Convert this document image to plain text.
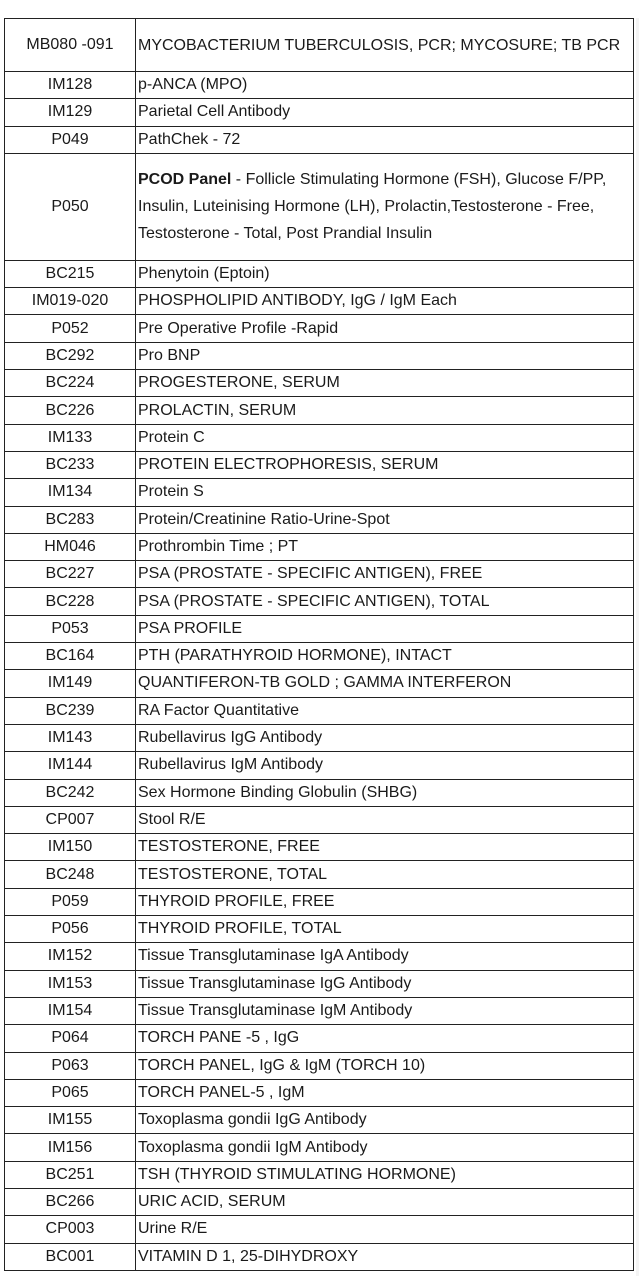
MB080 -091	MYCOBACTERIUM TUBERCULOSIS, PCR; MYCOSURE; TB PCR
IM128	p-ANCA (MPO)
IM129	Parietal Cell Antibody
P049	PathChek - 72
P050	PCOD Panel - Follicle Stimulating Hormone (FSH), Glucose F/PP, Insulin, Luteinising Hormone (LH), Prolactin,Testosterone - Free, Testosterone - Total, Post Prandial Insulin
BC215	Phenytoin (Eptoin)
IM019-020	PHOSPHOLIPID ANTIBODY, IgG / IgM Each
P052	Pre Operative Profile -Rapid
BC292	Pro BNP
BC224	PROGESTERONE, SERUM
BC226	PROLACTIN, SERUM
IM133	Protein C
BC233	PROTEIN ELECTROPHORESIS, SERUM
IM134	Protein S
BC283	Protein/Creatinine Ratio-Urine-Spot
HM046	Prothrombin Time ; PT
BC227	PSA (PROSTATE - SPECIFIC ANTIGEN), FREE
BC228	PSA (PROSTATE - SPECIFIC ANTIGEN), TOTAL
P053	PSA PROFILE
BC164	PTH (PARATHYROID HORMONE), INTACT
IM149	QUANTIFERON-TB GOLD ; GAMMA INTERFERON
BC239	RA Factor Quantitative
IM143	Rubellavirus IgG Antibody
IM144	Rubellavirus IgM Antibody
BC242	Sex Hormone Binding Globulin (SHBG)
CP007	Stool R/E
IM150	TESTOSTERONE, FREE
BC248	TESTOSTERONE, TOTAL
P059	THYROID PROFILE, FREE
P056	THYROID PROFILE, TOTAL
IM152	Tissue Transglutaminase IgA Antibody
IM153	Tissue Transglutaminase IgG Antibody
IM154	Tissue Transglutaminase IgM Antibody
P064	TORCH PANE -5 , IgG
P063	TORCH PANEL, IgG & IgM (TORCH 10)
P065	TORCH PANEL-5 , IgM
IM155	Toxoplasma gondii IgG Antibody
IM156	Toxoplasma gondii IgM Antibody
BC251	TSH (THYROID STIMULATING HORMONE)
BC266	URIC ACID, SERUM
CP003	Urine R/E
BC001	VITAMIN D 1, 25-DIHYDROXY
